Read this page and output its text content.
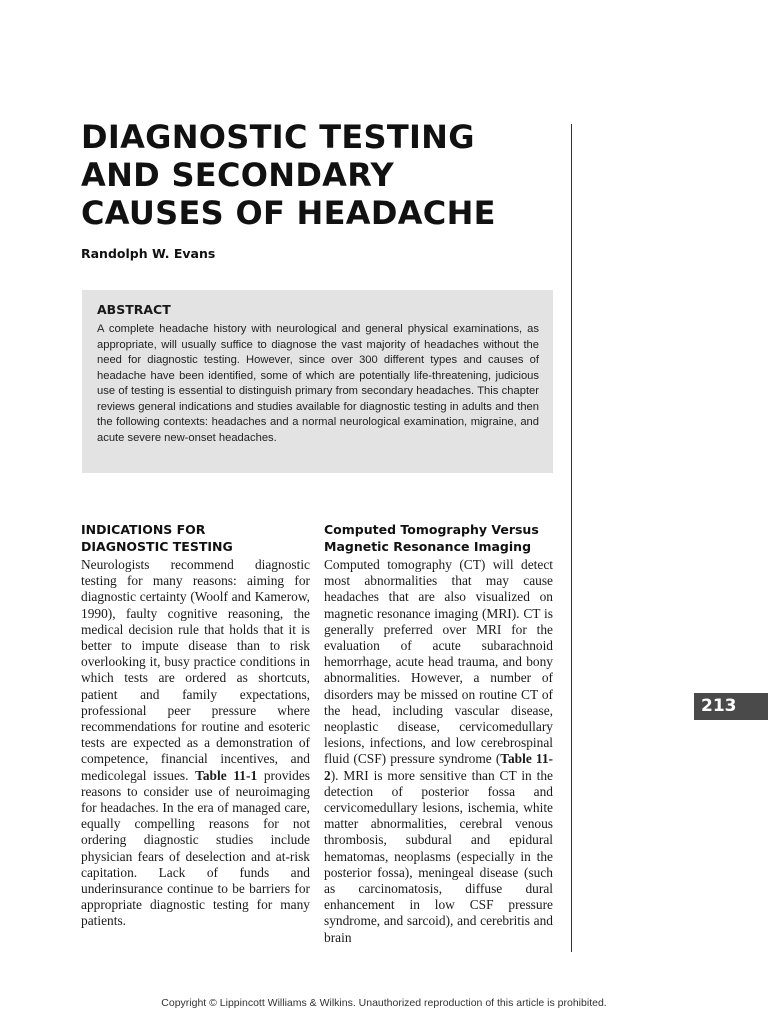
DIAGNOSTIC TESTING
AND SECONDARY
CAUSES OF HEADACHE
Randolph W. Evans
ABSTRACT
A complete headache history with neurological and general physical examinations, as appropriate, will usually suffice to diagnose the vast majority of headaches without the need for diagnostic testing. However, since over 300 different types and causes of headache have been identified, some of which are potentially life-threatening, judicious use of testing is essential to distinguish primary from secondary headaches. This chapter reviews general indications and studies available for diagnostic testing in adults and then the following contexts: headaches and a normal neurological examination, migraine, and acute severe new-onset headaches.
INDICATIONS FOR
DIAGNOSTIC TESTING
Neurologists recommend diagnostic testing for many reasons: aiming for diagnostic certainty (Woolf and Kamerow, 1990), faulty cognitive reasoning, the medical decision rule that holds that it is better to impute disease than to risk overlooking it, busy practice conditions in which tests are ordered as shortcuts, patient and family expectations, professional peer pressure where recommendations for routine and esoteric tests are expected as a demonstration of competence, financial incentives, and medicolegal issues. Table 11-1 provides reasons to consider use of neuroimaging for headaches. In the era of managed care, equally compelling reasons for not ordering diagnostic studies include physician fears of deselection and at-risk capitation. Lack of funds and underinsurance continue to be barriers for appropriate diagnostic testing for many patients.
Computed Tomography Versus
Magnetic Resonance Imaging
Computed tomography (CT) will detect most abnormalities that may cause headaches that are also visualized on magnetic resonance imaging (MRI). CT is generally preferred over MRI for the evaluation of acute subarachnoid hemorrhage, acute head trauma, and bony abnormalities. However, a number of disorders may be missed on routine CT of the head, including vascular disease, neoplastic disease, cervicomedullary lesions, infections, and low cerebrospinal fluid (CSF) pressure syndrome (Table 11-2). MRI is more sensitive than CT in the detection of posterior fossa and cervicomedullary lesions, ischemia, white matter abnormalities, cerebral venous thrombosis, subdural and epidural hematomas, neoplasms (especially in the posterior fossa), meningeal disease (such as carcinomatosis, diffuse dural enhancement in low CSF pressure syndrome, and sarcoid), and cerebritis and brain
213
Copyright © Lippincott Williams & Wilkins. Unauthorized reproduction of this article is prohibited.
